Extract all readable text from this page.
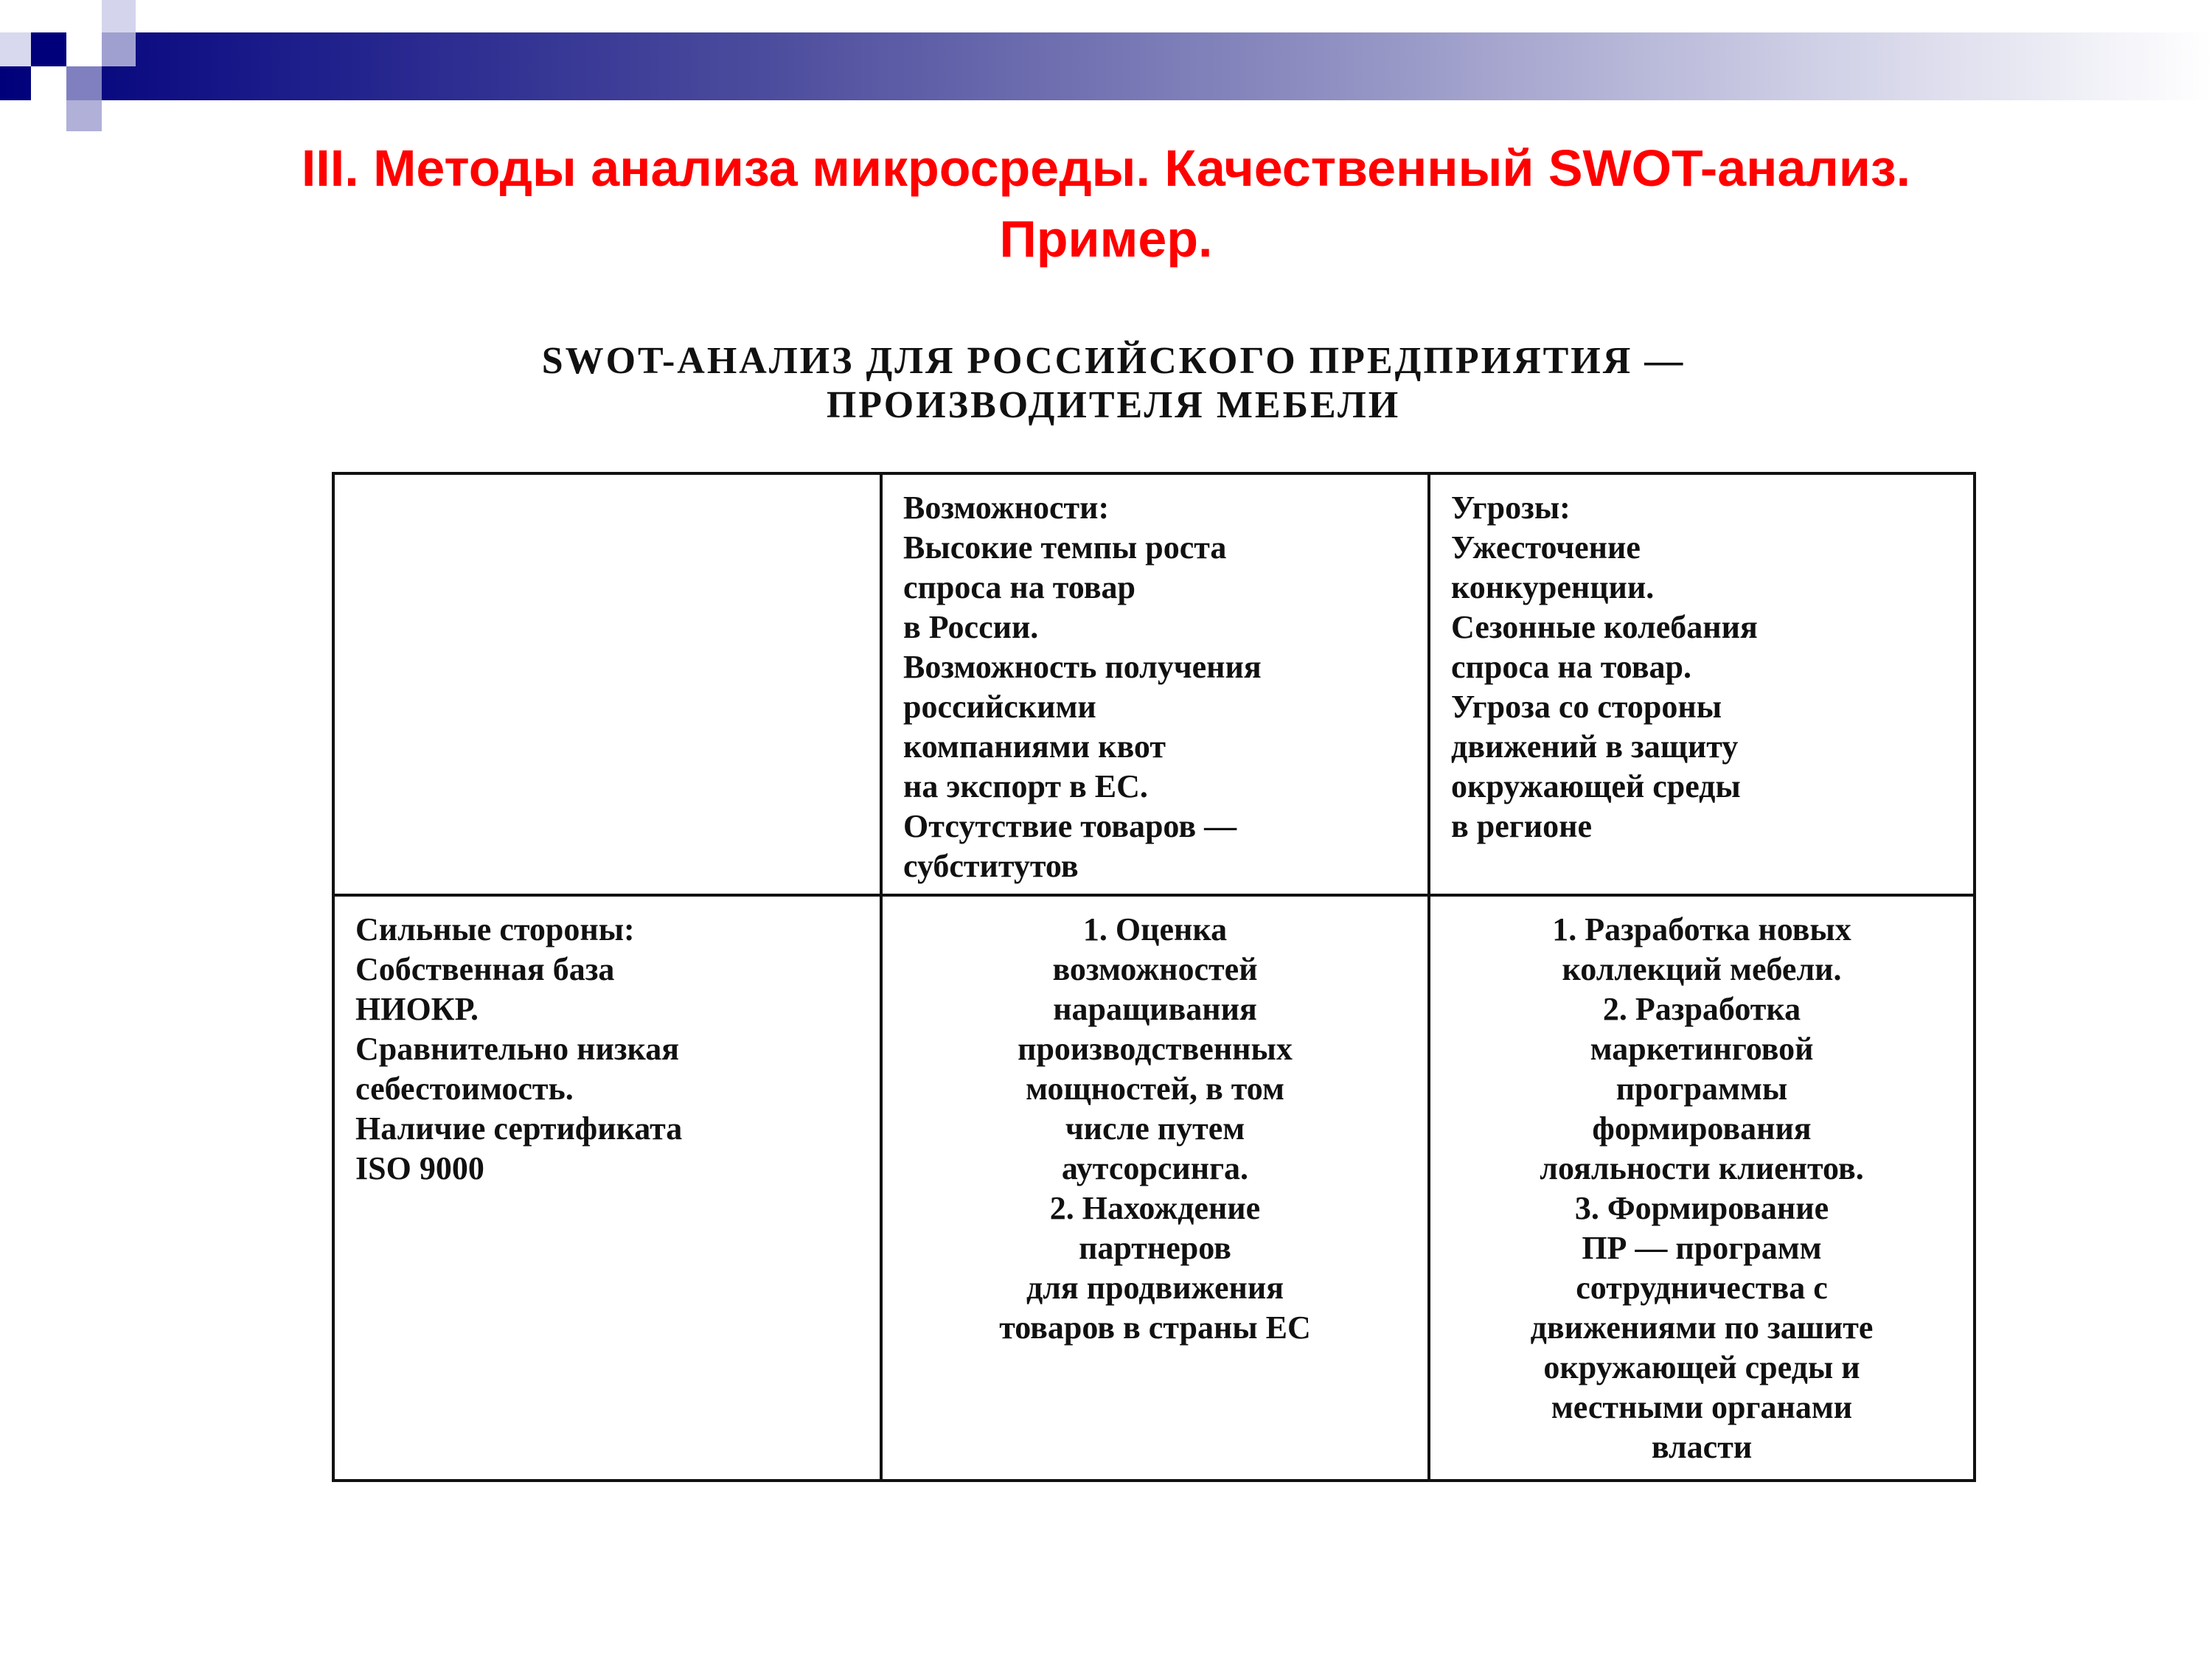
III. Методы анализа микросреды. Качественный SWOT-анализ.
Пример.
SWOT-АНАЛИЗ ДЛЯ РОССИЙСКОГО ПРЕДПРИЯТИЯ —
ПРОИЗВОДИТЕЛЯ МЕБЕЛИ
Возможности:
Высокие темпы роста
спроса на товар
в России.
Возможность получения
российскими
компаниями квот
на экспорт в ЕС.
Отсутствие товаров —
субститутов
Угрозы:
Ужесточение
конкуренции.
Сезонные колебания
спроса на товар.
Угроза со стороны
движений в защиту
окружающей среды
в регионе
Сильные стороны:
Собственная база
НИОКР.
Сравнительно низкая
себестоимость.
Наличие сертификата
ISO 9000
1. Оценка
возможностей
наращивания
производственных
мощностей, в том
числе путем
аутсорсинга.
2. Нахождение
партнеров
для продвижения
товаров в страны ЕС
1. Разработка новых
коллекций мебели.
2. Разработка
маркетинговой
программы
формирования
лояльности клиентов.
3. Формирование
ПР — программ
сотрудничества с
движениями по зашите
окружающей среды и
местными органами
власти
